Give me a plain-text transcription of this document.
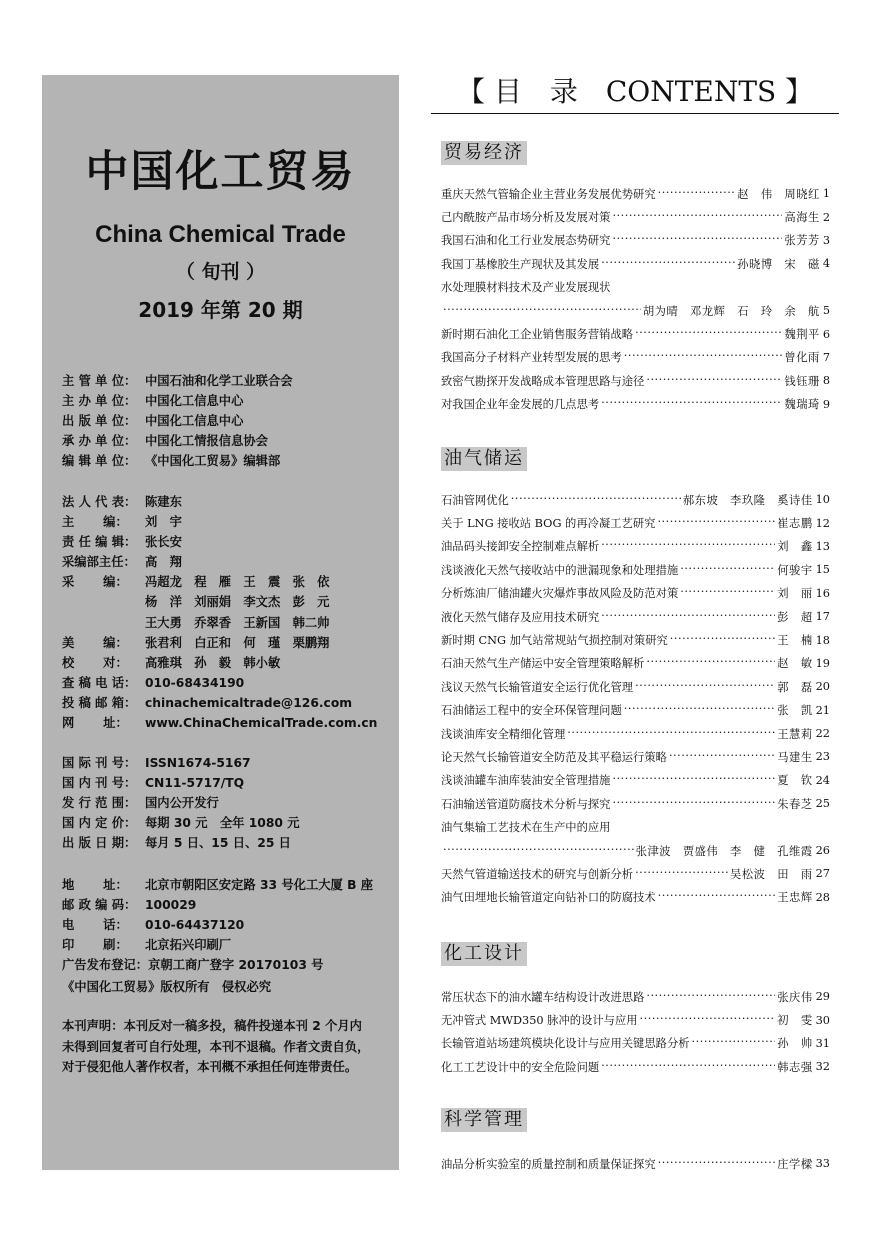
中国化工贸易
China Chemical Trade
（ 旬刊 ）
2019 年第 20 期
主 管 单 位： 中国石油和化学工业联合会
主 办 单 位： 中国化工信息中心
出 版 单 位： 中国化工信息中心
承 办 单 位： 中国化工情报信息协会
编 辑 单 位： 《中国化工贸易》编辑部
法 人 代 表： 陈建东
主　　 编：	刘　宇
责 任 编 辑： 张长安
采编部主任： 高　翔
采　　 编：	冯超龙　程　雁　王　震　张　依
杨　洋　刘丽娟　李文杰　彭　元
王大勇　乔翠香　王新国　韩二帅
美　　 编：	张君利　白正和　何　瑾　栗鹏翔
校　　 对：	高雅琪　孙　毅　韩小敏
查 稿 电 话： 010-68434190
投 稿 邮 箱： chinachemicaltrade@126.com
网　　 址：	www.ChinaChemicalTrade.com.cn
国 际 刊 号： ISSN1674-5167
国 内 刊 号： CN11-5717/TQ
发 行 范 围： 国内公开发行
国 内 定 价： 每期 30 元　全年 1080 元
出 版 日 期： 每月 5 日、15 日、25 日
地　　 址：	北京市朝阳区安定路 33 号化工大厦 B 座
邮 政 编 码： 100029
电　　 话：	010-64437120
印　　 刷：	北京拓兴印刷厂
广告发布登记： 京朝工商广登字 20170103 号
《中国化工贸易》版权所有　侵权必究
本刊声明：本刊反对一稿多投，稿件投递本刊 2 个月内未得到回复者可自行处理，本刊不退稿。作者文责自负，对于侵犯他人著作权者，本刊概不承担任何连带责任。
【 目　录　CONTENTS 】
贸易经济
重庆天然气管输企业主营业务发展优势研究 ·····	赵　伟　周晓红 1
己内酰胺产品市场分析及发展对策 ·····	高海生 2
我国石油和化工行业发展态势研究 ·····	张芳芳 3
我国丁基橡胶生产现状及其发展 ·····	孙晓博　宋　磁 4
水处理膜材料技术及产业发展现状
·····
胡为晴　邓龙辉　石　玲　余　航 5
新时期石油化工企业销售服务营销战略 ·····	魏荆平 6
我国高分子材料产业转型发展的思考 ·····	曾化雨 7
致密气勘探开发战略成本管理思路与途径 ·····	钱钰珊 8
对我国企业年金发展的几点思考 ·····	魏瑞琦 9
油气储运
石油管网优化 ·····	郝东坡　李玖隆　奚诗佳 10
关于 LNG 接收站 BOG 的再冷凝工艺研究 ·····	崔志鹏 12
油品码头接卸安全控制难点解析 ·····	刘　鑫 13
浅谈液化天然气接收站中的泄漏现象和处理措施 ·····	何骏宇 15
分析炼油厂储油罐火灾爆炸事故风险及防范对策 ·····	刘　丽 16
液化天然气储存及应用技术研究 ·····	彭　超 17
新时期 CNG 加气站常规站气损控制对策研究 ·····	王　楠 18
石油天然气生产储运中安全管理策略解析 ·····	赵　敏 19
浅议天然气长输管道安全运行优化管理 ·····	郭　磊 20
石油储运工程中的安全环保管理问题 ·····	张　凯 21
浅谈油库安全精细化管理 ·····	王慧莉 22
论天然气长输管道安全防范及其平稳运行策略 ·····	马建生 23
浅谈油罐车油库装油安全管理措施 ·····	夏　钦 24
石油输送管道防腐技术分析与探究 ·····	朱春芝 25
油气集输工艺技术在生产中的应用
·····
张津波　贾盛伟　李　健　孔维霞 26
天然气管道输送技术的研究与创新分析 ·····	吴松波　田　雨 27
油气田埋地长输管道定向钻补口的防腐技术 ·····	王忠辉 28
化工设计
常压状态下的油水罐车结构设计改进思路 ·····	张庆伟 29
无冲管式 MWD350 脉冲的设计与应用 ·····	初　雯 30
长输管道站场建筑模块化设计与应用关键思路分析 ·····	孙　帅 31
化工工艺设计中的安全危险问题 ·····	韩志强 32
科学管理
油品分析实验室的质量控制和质量保证探究 ·····	庄学樑 33
